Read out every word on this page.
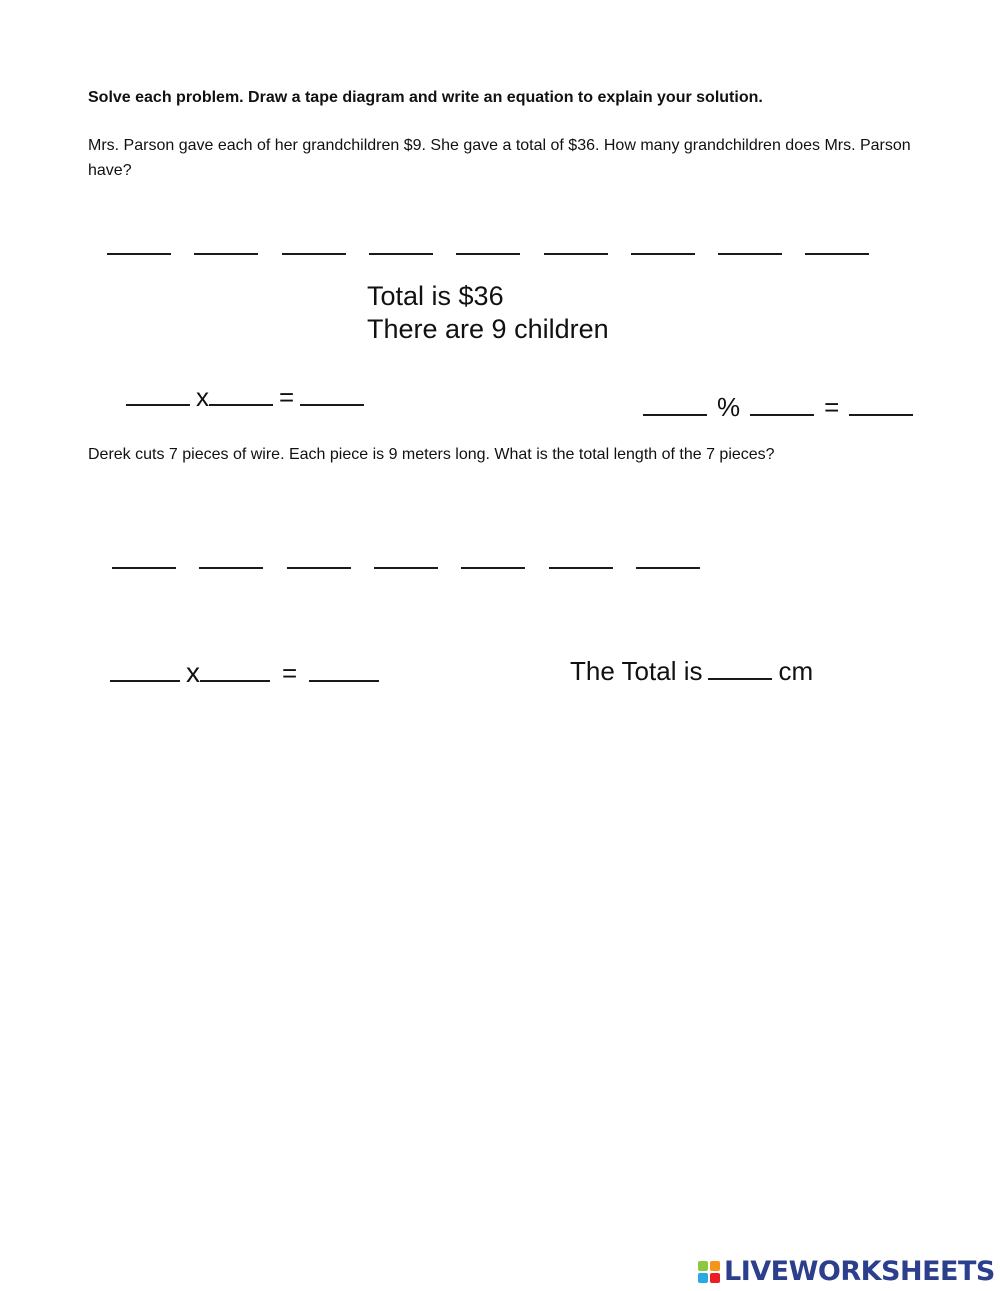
Solve each problem. Draw a tape diagram and write an equation to explain your solution.
Mrs. Parson gave each of her grandchildren $9. She gave a total of $36. How many grandchildren does Mrs. Parson have?
Total is $36
There are 9 children
x	=	%	=
Derek cuts 7 pieces of wire. Each piece is 9 meters long. What is the total length of the 7 pieces?
x	=	The Total is	cm
LIVEWORKSHEETS
